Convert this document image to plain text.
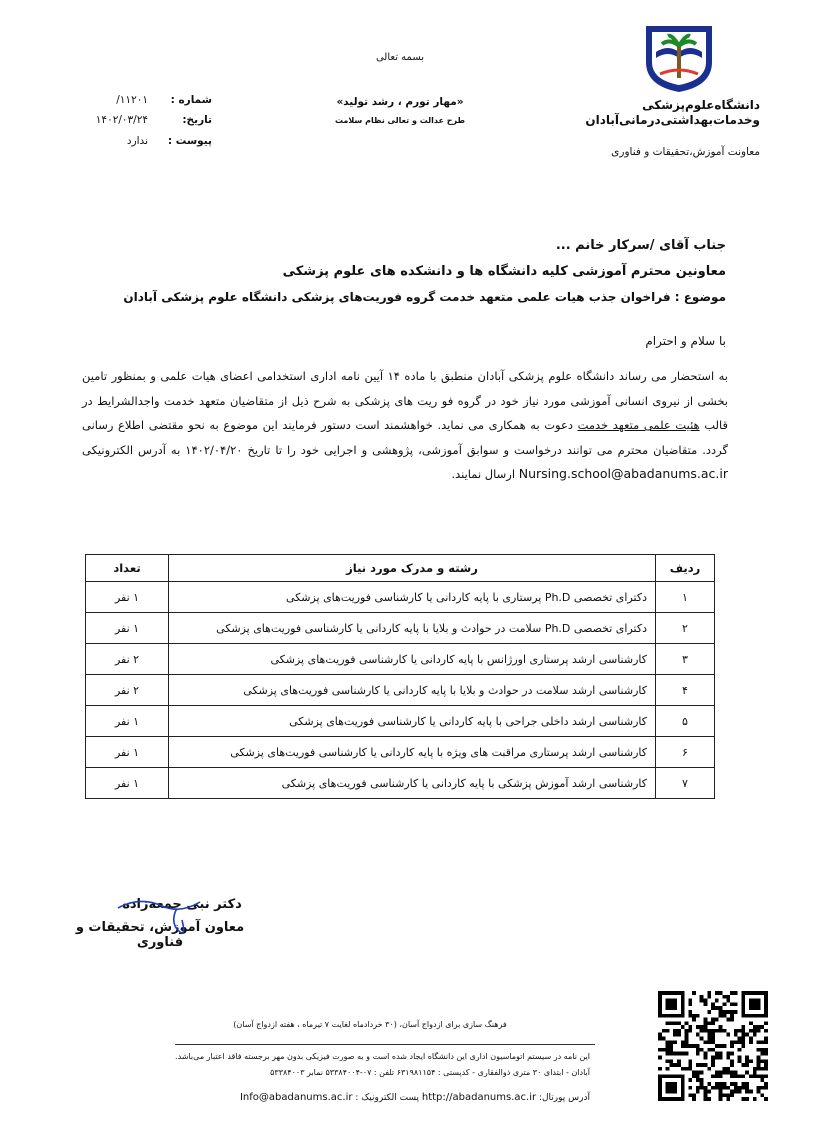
بسمه تعالی
دانشگاه‌علوم‌پزشکی
وخدمات‌بهداشتی‌درمانی‌آبادان
معاونت آموزش،تحقیقات و فناوری
«مهار تورم ، رشد تولید»
طرح عدالت و تعالی نظام سلامت
شماره :
۱۱۲۰۱/
تاریخ:
۱۴۰۲/۰۳/۲۴
پیوست :
ندارد
جناب آقای /سرکار خانم ...
معاونین محترم آموزشی کلیه دانشگاه ها و دانشکده های علوم پزشکی
موضوع : فراخوان جذب هیات علمی متعهد خدمت گروه فوریت‌های پزشکی دانشگاه علوم پزشکی آبادان
با سلام و احترام
به استحضار می رساند دانشگاه علوم پزشکی آبادان منطبق با ماده ۱۴ آیین نامه اداری استخدامی اعضای هیات علمی و بمنظور تامین بخشی از نیروی انسانی آموزشی مورد نیاز خود در گروه فو ریت های پزشکی به شرح ذیل از متقاضیان متعهد خدمت واجدالشرایط در قالب هئیت علمی متعهد خدمت دعوت به همکاری می نماید. خواهشمند است دستور فرمایند این موضوع به نحو مقتضی اطلاع رسانی گردد. متقاضیان محترم می توانند درخواست و سوابق آموزشی، پژوهشی و اجرایی خود را تا تاریخ ۱۴۰۲/۰۴/۲۰ به آدرس الکترونیکی Nursing.school@abadanums.ac.ir ارسال نمایند.
ردیف	رشته و مدرک مورد نیاز	تعداد
۱	دکترای تخصصی Ph.D پرستاری با پایه کاردانی یا کارشناسی فوریت‌های پزشکی	۱ نفر
۲	دکترای تخصصی Ph.D سلامت در حوادث و بلایا با پایه کاردانی یا کارشناسی فوریت‌های پزشکی	۱ نفر
۳	کارشناسی ارشد پرستاری اورژانس با پایه کاردانی یا کارشناسی فوریت‌های پزشکی	۲ نفر
۴	کارشناسی ارشد سلامت در حوادث و بلایا با پایه کاردانی یا کارشناسی فوریت‌های پزشکی	۲ نفر
۵	کارشناسی ارشد داخلی جراحی با پایه کاردانی یا کارشناسی فوریت‌های پزشکی	۱ نفر
۶	کارشناسی ارشد پرستاری مراقبت های ویژه با پایه کاردانی یا کارشناسی فوریت‌های پزشکی	۱ نفر
۷	کارشناسی ارشد آموزش پزشکی با پایه کاردانی یا کارشناسی فوریت‌های پزشکی	۱ نفر
دکتر نبی جمعه‌زاده
معاون آموزش، تحقیقات و فناوری
فرهنگ سازی برای ازدواج آسان، (۳۰ خردادماه لغایت ۷ تیرماه ، هفته ازدواج آسان)
این نامه در سیستم اتوماسیون اداری این دانشگاه ایجاد شده است و به صورت فیزیکی بدون مهر برجسته فاقد اعتبار می‌باشد.
آبادان - ابتدای ۳۰ متری ذوالفقاری - کدپستی : ۶۳۱۹۸۱۱۵۴ تلفن : ۰۷-۵۳۳۸۴۰۰۴ نمابر ۵۳۳۸۴۰۰۳
آدرس پورتال: http://abadanums.ac.ir پست الکترونیک : Info@abadanums.ac.ir
